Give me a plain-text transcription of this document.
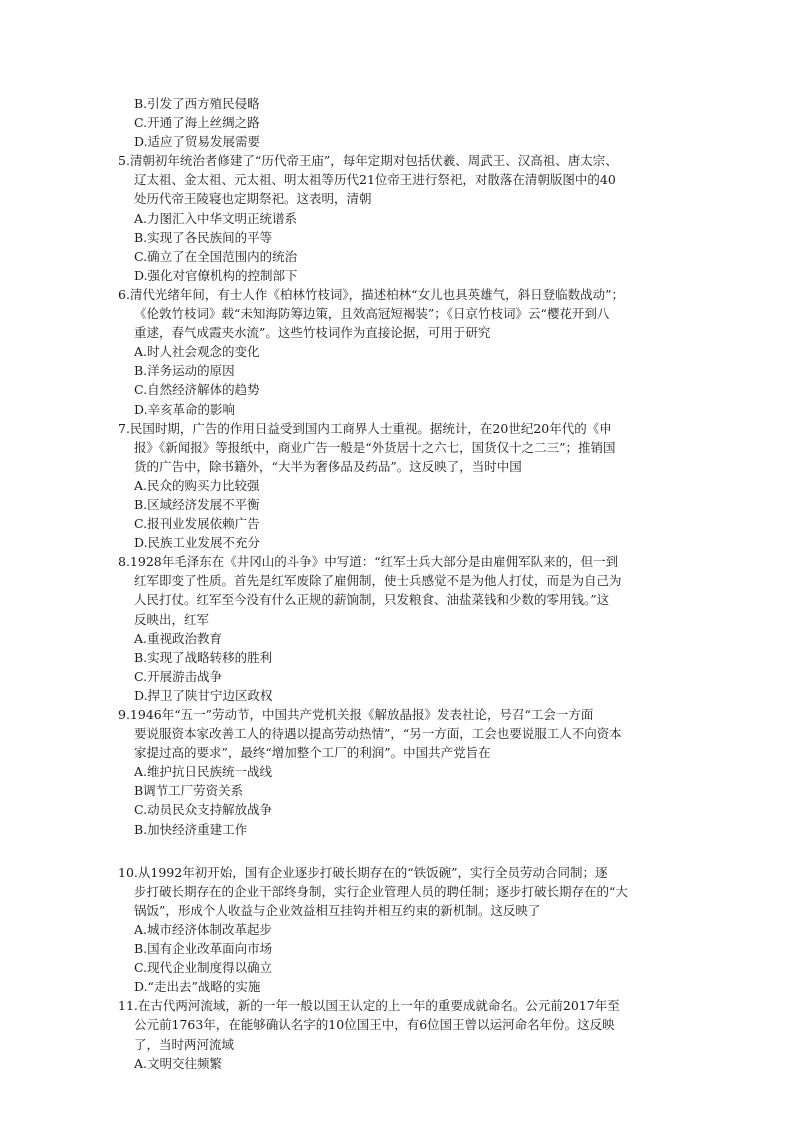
B.引发了西方殖民侵略
C.开通了海上丝绸之路
D.适应了贸易发展需要
5.清朝初年统治者修建了“历代帝王庙”，每年定期对包括伏羲、周武王、汉高祖、唐太宗、
辽太祖、金太祖、元太祖、明太祖等历代21位帝王进行祭祀，对散落在清朝版图中的40
处历代帝王陵寝也定期祭祀。这表明，清朝
A.力图汇入中华文明正统谱系
B.实现了各民族间的平等
C.确立了在全国范围内的统治
D.强化对官僚机构的控制部下
6.清代光绪年间，有士人作《柏林竹枝词》，描述柏林“女儿也具英雄气，斜日登临数战动”；
《伦敦竹枝词》载“未知海防筹边策，且效高冠短褐装”；《日京竹枝词》云“樱花开到八
重逑，春气成霞夹水流”。这些竹枝词作为直接论据，可用于研究
A.时人社会观念的变化
B.洋务运动的原因
C.自然经济解体的趋势
D.辛亥革命的影响
7.民国时期，广告的作用日益受到国内工商界人士重视。据统计，在20世纪20年代的《申
报》《新闻报》等报纸中，商业广告一般是“外货居十之六七，国货仅十之二三”；推销国
货的广告中，除书籍外，“大半为奢侈品及药品”。这反映了，当时中国
A.民众的购买力比较强
B.区域经济发展不平衡
C.报刊业发展依赖广告
D.民族工业发展不充分
8.1928年毛泽东在《井冈山的斗争》中写道：“红军士兵大部分是由雇佣军队来的，但一到
红军即变了性质。首先是红军废除了雇佣制，使士兵感觉不是为他人打仗，而是为自己为
人民打仗。红军至今没有什么正规的薪饷制，只发粮食、油盐菜钱和少数的零用钱。”这
反映出，红军
A.重视政治教育
B.实现了战略转移的胜利
C.开展游击战争
D.捍卫了陕甘宁边区政权
9.1946年“五一”劳动节，中国共产党机关报《解放晶报》发表社论，号召“工会一方面
要说服资本家改善工人的待遇以提高劳动热情”，“另一方面，工会也要说服工人不向资本
家提过高的要求”，最终“增加整个工厂的利润”。中国共产党旨在
A.维护抗日民族统一战线
B调节工厂劳资关系
C.动员民众支持解放战争
B.加快经济重建工作
10.从1992年初开始，国有企业逐步打破长期存在的“铁饭碗”，实行全员劳动合同制；逐
步打破长期存在的企业干部终身制，实行企业管理人员的聘任制；逐步打破长期存在的“大
锅饭”，形成个人收益与企业效益相互挂钩并相互约束的新机制。这反映了
A.城市经济体制改革起步
B.国有企业改革面向市场
C.现代企业制度得以确立
D.“走出去”战略的实施
11.在古代两河流域，新的一年一般以国王认定的上一年的重要成就命名。公元前2017年至
公元前1763年，在能够确认名字的10位国王中，有6位国王曾以运河命名年份。这反映
了，当时两河流域
A.文明交往频繁
